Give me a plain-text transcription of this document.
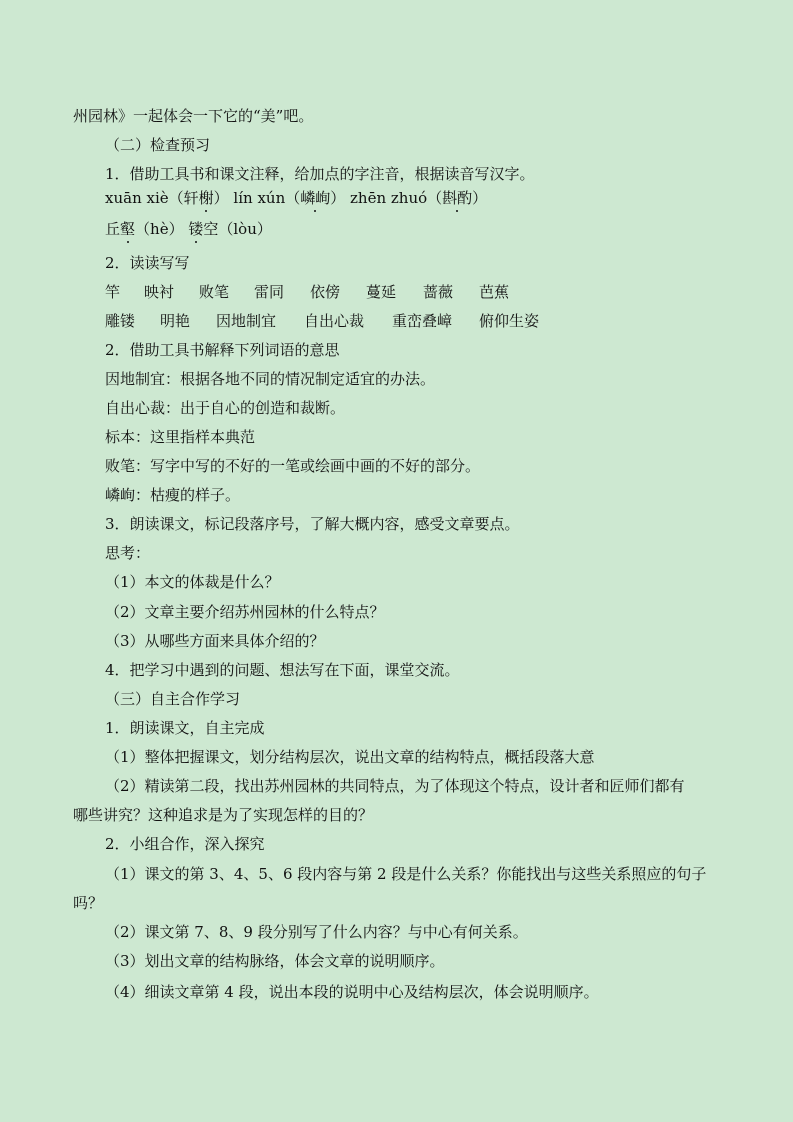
州园林》一起体会一下它的“美”吧。
（二）检查预习
1．借助工具书和课文注释，给加点的字注音，根据读音写汉字。
xuān xiè（轩榭） lín xún（嶙峋） zhēn zhuó（斟酌）
丘壑（hè） 镂空（lòu）
2．读读写写
竿 映衬 败笔 雷同 依傍 蔓延 蔷薇 芭蕉
雕镂 明艳 因地制宜 自出心裁 重峦叠嶂 俯仰生姿
2．借助工具书解释下列词语的意思
因地制宜：根据各地不同的情况制定适宜的办法。
自出心裁：出于自心的创造和裁断。
标本：这里指样本典范
败笔：写字中写的不好的一笔或绘画中画的不好的部分。
嶙峋：枯瘦的样子。
3．朗读课文，标记段落序号，了解大概内容，感受文章要点。
思考：
（1）本文的体裁是什么？
（2）文章主要介绍苏州园林的什么特点？
（3）从哪些方面来具体介绍的？
4．把学习中遇到的问题、想法写在下面，课堂交流。
（三）自主合作学习
1．朗读课文，自主完成
（1）整体把握课文，划分结构层次，说出文章的结构特点，概括段落大意
（2）精读第二段，找出苏州园林的共同特点，为了体现这个特点，设计者和匠师们都有
哪些讲究？这种追求是为了实现怎样的目的？
2．小组合作，深入探究
（1）课文的第 3、4、5、6 段内容与第 2 段是什么关系？你能找出与这些关系照应的句子
吗？
（2）课文第 7、8、9 段分别写了什么内容？与中心有何关系。
（3）划出文章的结构脉络，体会文章的说明顺序。
（4）细读文章第 4 段，说出本段的说明中心及结构层次，体会说明顺序。
